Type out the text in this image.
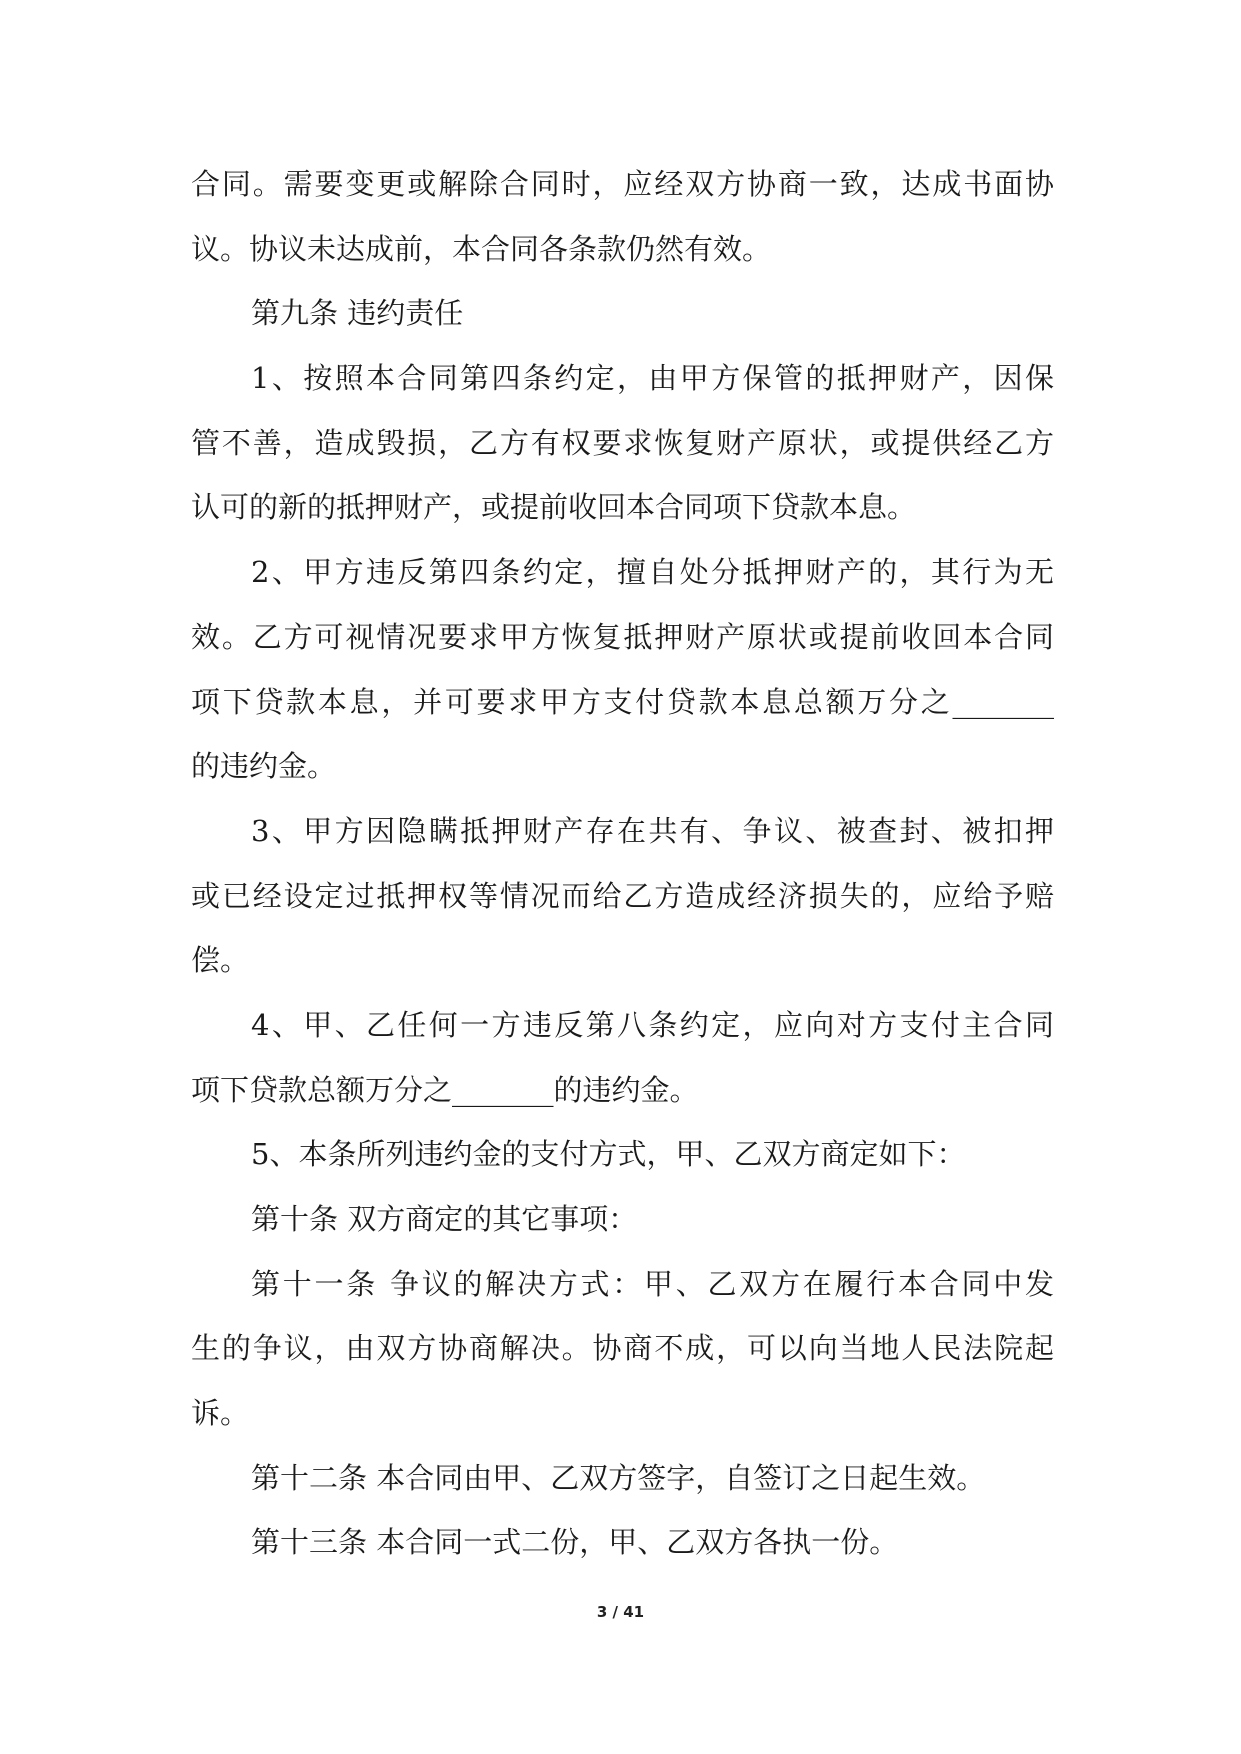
合同。需要变更或解除合同时，应经双方协商一致，达成书面协
议。协议未达成前，本合同各条款仍然有效。
第九条 违约责任
1、按照本合同第四条约定，由甲方保管的抵押财产，因保
管不善，造成毁损，乙方有权要求恢复财产原状，或提供经乙方
认可的新的抵押财产，或提前收回本合同项下贷款本息。
2、甲方违反第四条约定，擅自处分抵押财产的，其行为无
效。乙方可视情况要求甲方恢复抵押财产原状或提前收回本合同
项下贷款本息，并可要求甲方支付贷款本息总额万分之_______
的违约金。
3、甲方因隐瞒抵押财产存在共有、争议、被查封、被扣押
或已经设定过抵押权等情况而给乙方造成经济损失的，应给予赔
偿。
4、甲、乙任何一方违反第八条约定，应向对方支付主合同
项下贷款总额万分之_______的违约金。
5、本条所列违约金的支付方式，甲、乙双方商定如下：
第十条 双方商定的其它事项：
第十一条 争议的解决方式：甲、乙双方在履行本合同中发
生的争议，由双方协商解决。协商不成，可以向当地人民法院起
诉。
第十二条 本合同由甲、乙双方签字，自签订之日起生效。
第十三条 本合同一式二份，甲、乙双方各执一份。
3 / 41
